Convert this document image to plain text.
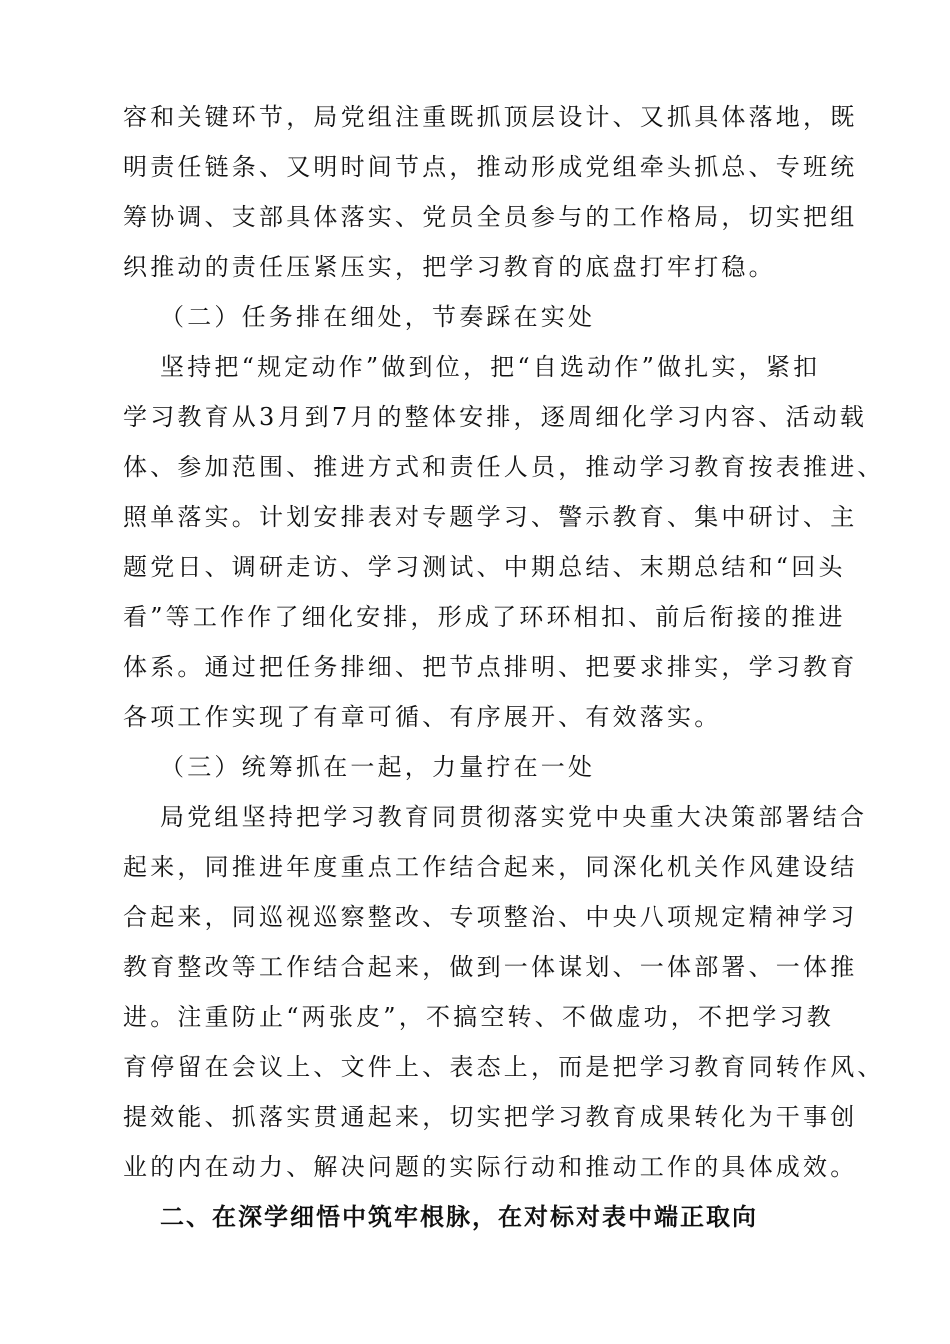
容和关键环节，局党组注重既抓顶层设计、又抓具体落地，既
明责任链条、又明时间节点，推动形成党组牵头抓总、专班统
筹协调、支部具体落实、党员全员参与的工作格局，切实把组
织推动的责任压紧压实，把学习教育的底盘打牢打稳。
（二）任务排在细处，节奏踩在实处
坚持把“规定动作”做到位，把“自选动作”做扎实，紧扣
学习教育从3月到7月的整体安排，逐周细化学习内容、活动载
体、参加范围、推进方式和责任人员，推动学习教育按表推进、
照单落实。计划安排表对专题学习、警示教育、集中研讨、主
题党日、调研走访、学习测试、中期总结、末期总结和“回头
看”等工作作了细化安排，形成了环环相扣、前后衔接的推进
体系。通过把任务排细、把节点排明、把要求排实，学习教育
各项工作实现了有章可循、有序展开、有效落实。
（三）统筹抓在一起，力量拧在一处
局党组坚持把学习教育同贯彻落实党中央重大决策部署结合
起来，同推进年度重点工作结合起来，同深化机关作风建设结
合起来，同巡视巡察整改、专项整治、中央八项规定精神学习
教育整改等工作结合起来，做到一体谋划、一体部署、一体推
进。注重防止“两张皮”，不搞空转、不做虚功，不把学习教
育停留在会议上、文件上、表态上，而是把学习教育同转作风、
提效能、抓落实贯通起来，切实把学习教育成果转化为干事创
业的内在动力、解决问题的实际行动和推动工作的具体成效。
二、在深学细悟中筑牢根脉，在对标对表中端正取向
